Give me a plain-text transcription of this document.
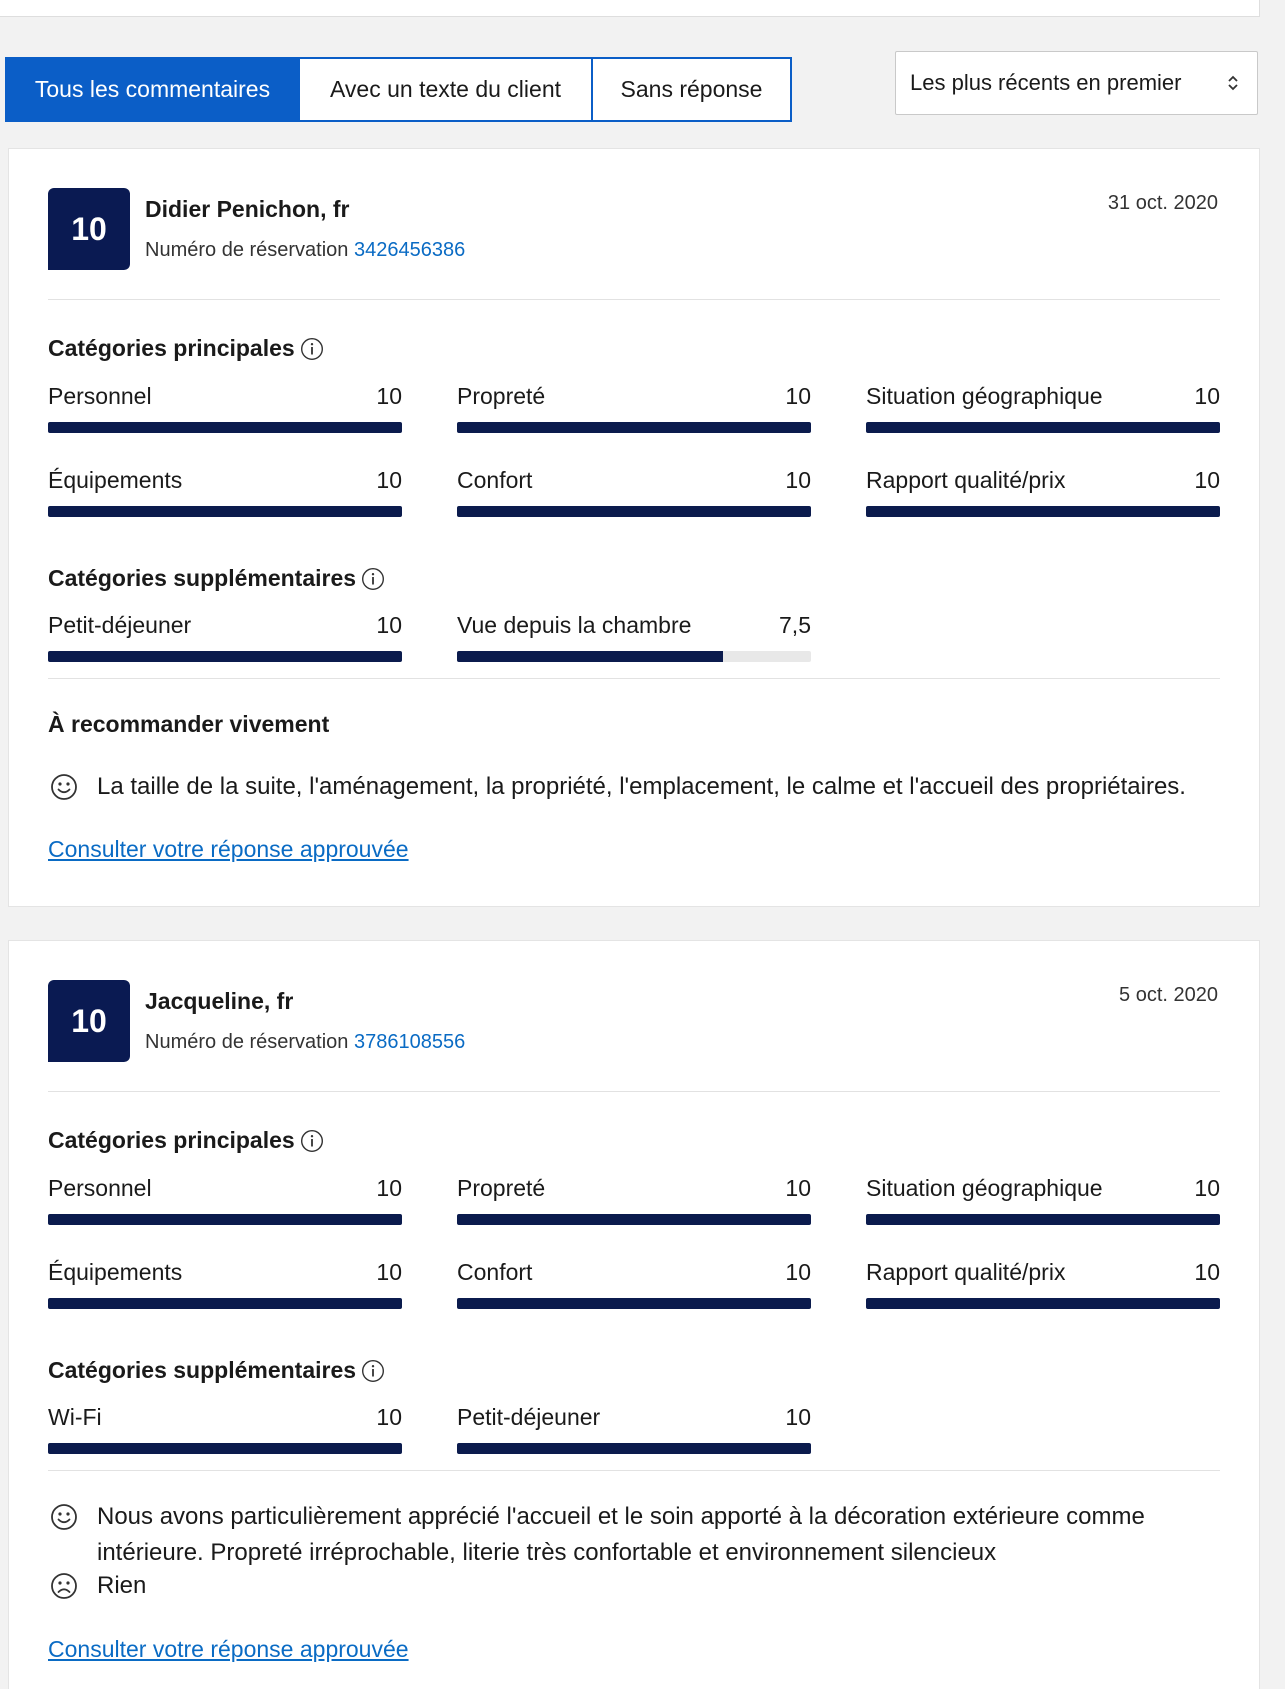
Tous les commentaires	Avec un texte du client	Sans réponse	Les plus récents en premier
10
Didier Penichon, fr
Numéro de réservation 3426456386
31 oct. 2020
Catégories principales
Personnel	10 Propreté	10 Situation géographique	10
Équipements	10 Confort	10 Rapport qualité/prix	10
Catégories supplémentaires
Petit-déjeuner	10 Vue depuis la chambre	7,5
À recommander vivement
La taille de la suite, l'aménagement, la propriété, l'emplacement, le calme et l'accueil des propriétaires.
Consulter votre réponse approuvée
10
Jacqueline, fr
Numéro de réservation 3786108556
5 oct. 2020
Catégories principales
Personnel	10 Propreté	10 Situation géographique	10
Équipements	10 Confort	10 Rapport qualité/prix	10
Catégories supplémentaires
Wi-Fi	10 Petit-déjeuner	10
Nous avons particulièrement apprécié l'accueil et le soin apporté à la décoration extérieure comme intérieure. Propreté irréprochable, literie très confortable et environnement silencieux
Rien
Consulter votre réponse approuvée
